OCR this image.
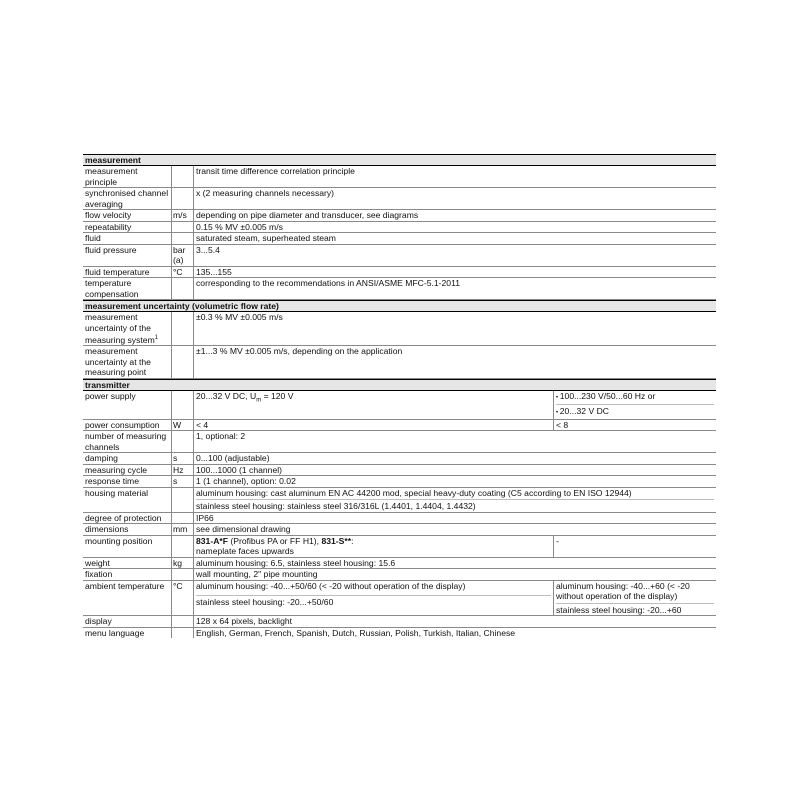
measurement
measurement principle
transit time difference correlation principle
synchronised channel averaging
x (2 measuring channels necessary)
flow velocity	m/s	depending on pipe diameter and transducer, see diagrams
repeatability	0.15 % MV ±0.005 m/s
fluid	saturated steam, superheated steam
fluid pressure	bar (a)
3...5.4
fluid temperature	°C	135...155
temperature compensation
corresponding to the recommendations in ANSI/ASME MFC-5.1-2011
measurement uncertainty (volumetric flow rate)
measurement uncertainty of the measuring system$^1$
±0.3 % MV ±0.005 m/s
measurement uncertainty at the measuring point
±1...3 % MV ±0.005 m/s, depending on the application
transmitter
power supply	20...32 V DC, $U_m = 120$ V
•	100...230 V/50...60 Hz or
• 20...32 V DC
power consumption	W	< 4	< 8
number of measuring channels
1, optional: 2
damping	s	0...100 (adjustable)
measuring cycle	Hz	100...1000 (1 channel)
response time	s	1 (1 channel), option: 0.02
housing material	aluminum housing: cast aluminum EN AC 44200 mod, special heavy-duty coating (C5 according to EN ISO 12944)
stainless steel housing: stainless steel 316/316L (1.4401, 1.4404, 1.4432)
degree of protection	IP66
dimensions	mm	see dimensional drawing
mounting position	831-A*F (Profibus PA or FF H1), 831-S**:
nameplate faces upwards
-
weight	kg	aluminum housing: 6.5, stainless steel housing: 15.6
fixation	wall mounting, 2" pipe mounting
ambient temperature	°C	aluminum housing: -40...+50/60 (< -20 without operation of the display)
stainless steel housing: -20...+50/60
aluminum housing: -40...+60 (< -20 without operation of the display)
stainless steel housing: -20...+60
display	128 x 64 pixels, backlight
menu language	English, German, French, Spanish, Dutch, Russian, Polish, Turkish, Italian, Chinese
